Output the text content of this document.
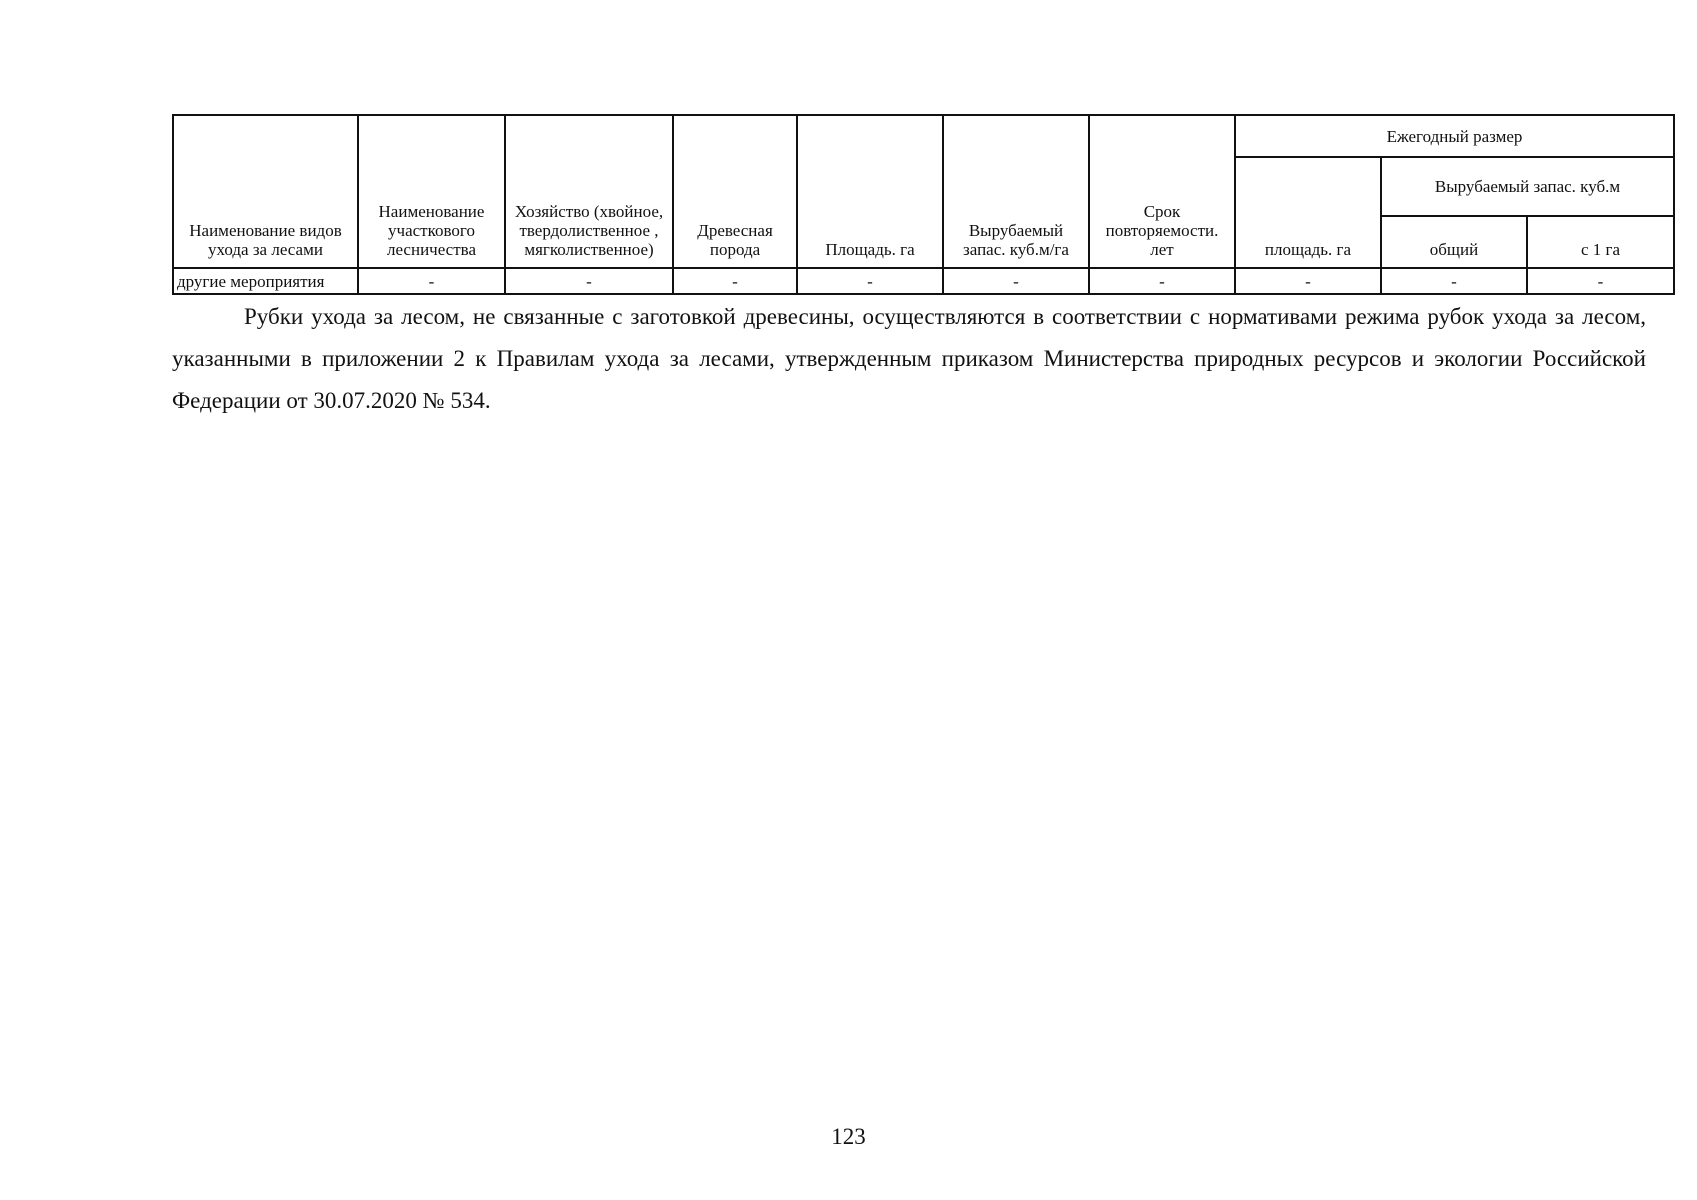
Наименование видов ухода за лесами	Наименование участкового лесничества	Хозяйство (хвойное, твердолиственное , мягколиственное)	Древесная порода	Площадь. га	Вырубаемый запас. куб.м/га	Срок повторяемости. лет	Ежегодный размер		
							площадь. га	Вырубаемый запас. куб.м	
								общий	с 1 га
другие мероприятия	-	-	-	-	-	-	-	-	-

Рубки ухода за лесом, не связанные с заготовкой древесины, осуществляются в соответствии с нормативами режима рубок ухода за лесом, указанными в приложении 2 к Правилам ухода за лесами, утвержденным приказом Министерства природных ресурсов и экологии Российской Федерации от 30.07.2020 № 534.

123
